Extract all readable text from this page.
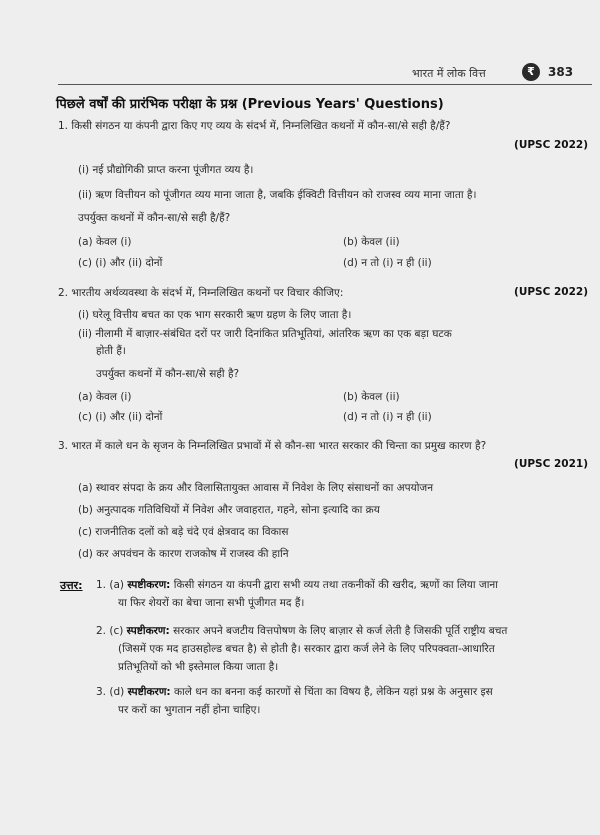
भारत में लोक वित्त	₹	383
पिछले वर्षों की प्रारंभिक परीक्षा के प्रश्न (Previous Years' Questions)
1. किसी संगठन या कंपनी द्वारा किए गए व्यय के संदर्भ में, निम्नलिखित कथनों में कौन-सा/से सही है/हैं?
(UPSC 2022)
(i) नई प्रौद्योगिकी प्राप्त करना पूंजीगत व्यय है।
(ii) ऋण वित्तीयन को पूंजीगत व्यय माना जाता है, जबकि ईक्विटी वित्तीयन को राजस्व व्यय माना जाता है।
उपर्युक्त कथनों में कौन-सा/से सही है/हैं?
(a) केवल (i)	(b) केवल (ii)
(c) (i) और (ii) दोनों	(d) न तो (i) न ही (ii)
2. भारतीय अर्थव्यवस्था के संदर्भ में, निम्नलिखित कथनों पर विचार कीजिए:	(UPSC 2022)
(i) घरेलू वित्तीय बचत का एक भाग सरकारी ऋण ग्रहण के लिए जाता है।
(ii) नीलामी में बाज़ार-संबंधित दरों पर जारी दिनांकित प्रतिभूतियां, आंतरिक ऋण का एक बड़ा घटक
होती हैं।
उपर्युक्त कथनों में कौन-सा/से सही है?
(a) केवल (i)	(b) केवल (ii)
(c) (i) और (ii) दोनों	(d) न तो (i) न ही (ii)
3. भारत में काले धन के सृजन के निम्नलिखित प्रभावों में से कौन-सा भारत सरकार की चिन्ता का प्रमुख कारण है?
(UPSC 2021)
(a) स्थावर संपदा के क्रय और विलासितायुक्त आवास में निवेश के लिए संसाधनों का अपयोजन
(b) अनुत्पादक गतिविधियों में निवेश और जवाहरात, गहने, सोना इत्यादि का क्रय
(c) राजनीतिक दलों को बड़े चंदे एवं क्षेत्रवाद का विकास
(d) कर अपवंचन के कारण राजकोष में राजस्व की हानि
उत्तर: 1. (a) स्पष्टीकरण: किसी संगठन या कंपनी द्वारा सभी व्यय तथा तकनीकों की खरीद, ऋणों का लिया जाना
या फिर शेयरों का बेचा जाना सभी पूंजीगत मद हैं।
2. (c) स्पष्टीकरण: सरकार अपने बजटीय वित्तपोषण के लिए बाज़ार से कर्ज लेती है जिसकी पूर्ति राष्ट्रीय बचत
(जिसमें एक मद हाउसहोल्ड बचत है) से होती है। सरकार द्वारा कर्ज लेने के लिए परिपक्वता-आधारित
प्रतिभूतियों को भी इस्तेमाल किया जाता है।
3. (d) स्पष्टीकरण: काले धन का बनना कई कारणों से चिंता का विषय है, लेकिन यहां प्रश्न के अनुसार इस
पर करों का भुगतान नहीं होना चाहिए।
